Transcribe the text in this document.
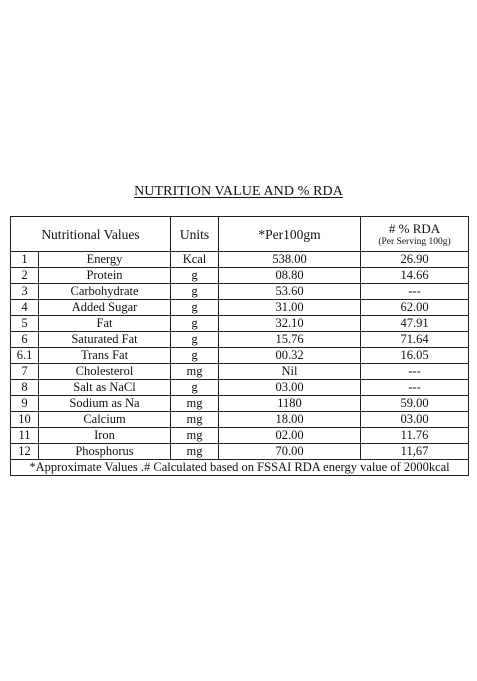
NUTRITION VALUE AND % RDA
Nutritional Values		Units	*Per100gm	# % RDA
(Per Serving 100g)

1	Energy	Kcal	538.00	26.90
2	Protein	g	08.80	14.66
3	Carbohydrate	g	53.60	---
4	Added Sugar	g	31.00	62.00
5	Fat	g	32.10	47.91
6	Saturated Fat	g	15.76	71.64
6.1	Trans Fat	g	00.32	16.05
7	Cholesterol	mg	Nil	---
8	Salt as NaCl	g	03.00	---
9	Sodium as Na	mg	1180	59.00
10	Calcium	mg	18.00	03.00
11	Iron	mg	02.00	11.76
12	Phosphorus	mg	70.00	11,67
*Approximate Values .# Calculated based on FSSAI RDA energy value of 2000kcal				
